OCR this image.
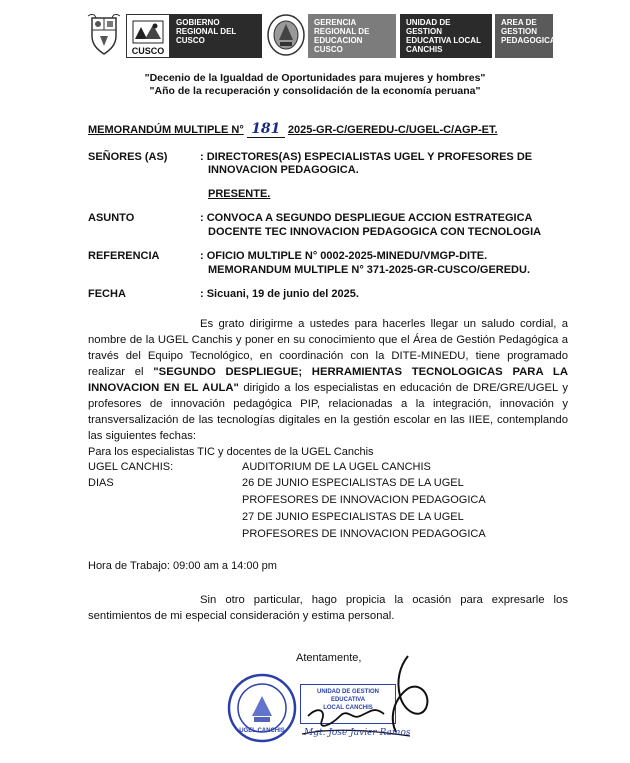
CUSCO
GOBIERNO
REGIONAL DEL
CUSCO
GERENCIA
REGIONAL DE
EDUCACION CUSCO
UNIDAD DE GESTION
EDUCATIVA LOCAL
CANCHIS
AREA DE
GESTION
PEDAGOGICA
"Decenio de la Igualdad de Oportunidades para mujeres y hombres"
"Año de la recuperación y consolidación de la economía peruana"
MEMORANDÚM MULTIPLE N° 181 2025-GR-C/GEREDU-C/UGEL-C/AGP-ET.
SEÑORES (AS)	: DIRECTORES(AS) ESPECIALISTAS UGEL Y PROFESORES DE
INNOVACION PEDAGOGICA.
PRESENTE.
ASUNTO	: CONVOCA A SEGUNDO DESPLIEGUE ACCION ESTRATEGICA
DOCENTE TEC INNOVACION PEDAGOGICA CON TECNOLOGIA
REFERENCIA	: OFICIO MULTIPLE N° 0002-2025-MINEDU/VMGP-DITE.
MEMORANDUM MULTIPLE N° 371-2025-GR-CUSCO/GEREDU.
FECHA	: Sicuani, 19 de junio del 2025.
Es grato dirigirme a ustedes para hacerles llegar un saludo cordial, a nombre de la UGEL Canchis y poner en su conocimiento que el Área de Gestión Pedagógica a través del Equipo Tecnológico, en coordinación con la DITE-MINEDU, tiene programado realizar el "SEGUNDO DESPLIEGUE; HERRAMIENTAS TECNOLOGICAS PARA LA INNOVACION EN EL AULA" dirigido a los especialistas en educación de DRE/GRE/UGEL y profesores de innovación pedagógica PIP, relacionadas a la integración, innovación y transversalización de las tecnologías digitales en la gestión escolar en las IIEE, contemplando las siguientes fechas:
Para los especialistas TIC y docentes de la UGEL Canchis
UGEL CANCHIS:	AUDITORIUM DE LA UGEL CANCHIS
DIAS	26 DE JUNIO ESPECIALISTAS DE LA UGEL
PROFESORES DE INNOVACION PEDAGOGICA
27 DE JUNIO ESPECIALISTAS DE LA UGEL
PROFESORES DE INNOVACION PEDAGOGICA
Hora de Trabajo: 09:00 am a 14:00 pm
Sin otro particular, hago propicia la ocasión para expresarle los sentimientos de mi especial consideración y estima personal.
Atentamente,
UGEL CANCHIS
UNIDAD DE GESTION EDUCATIVA
LOCAL CANCHIS
Mgt. Jose Javier Ramos
